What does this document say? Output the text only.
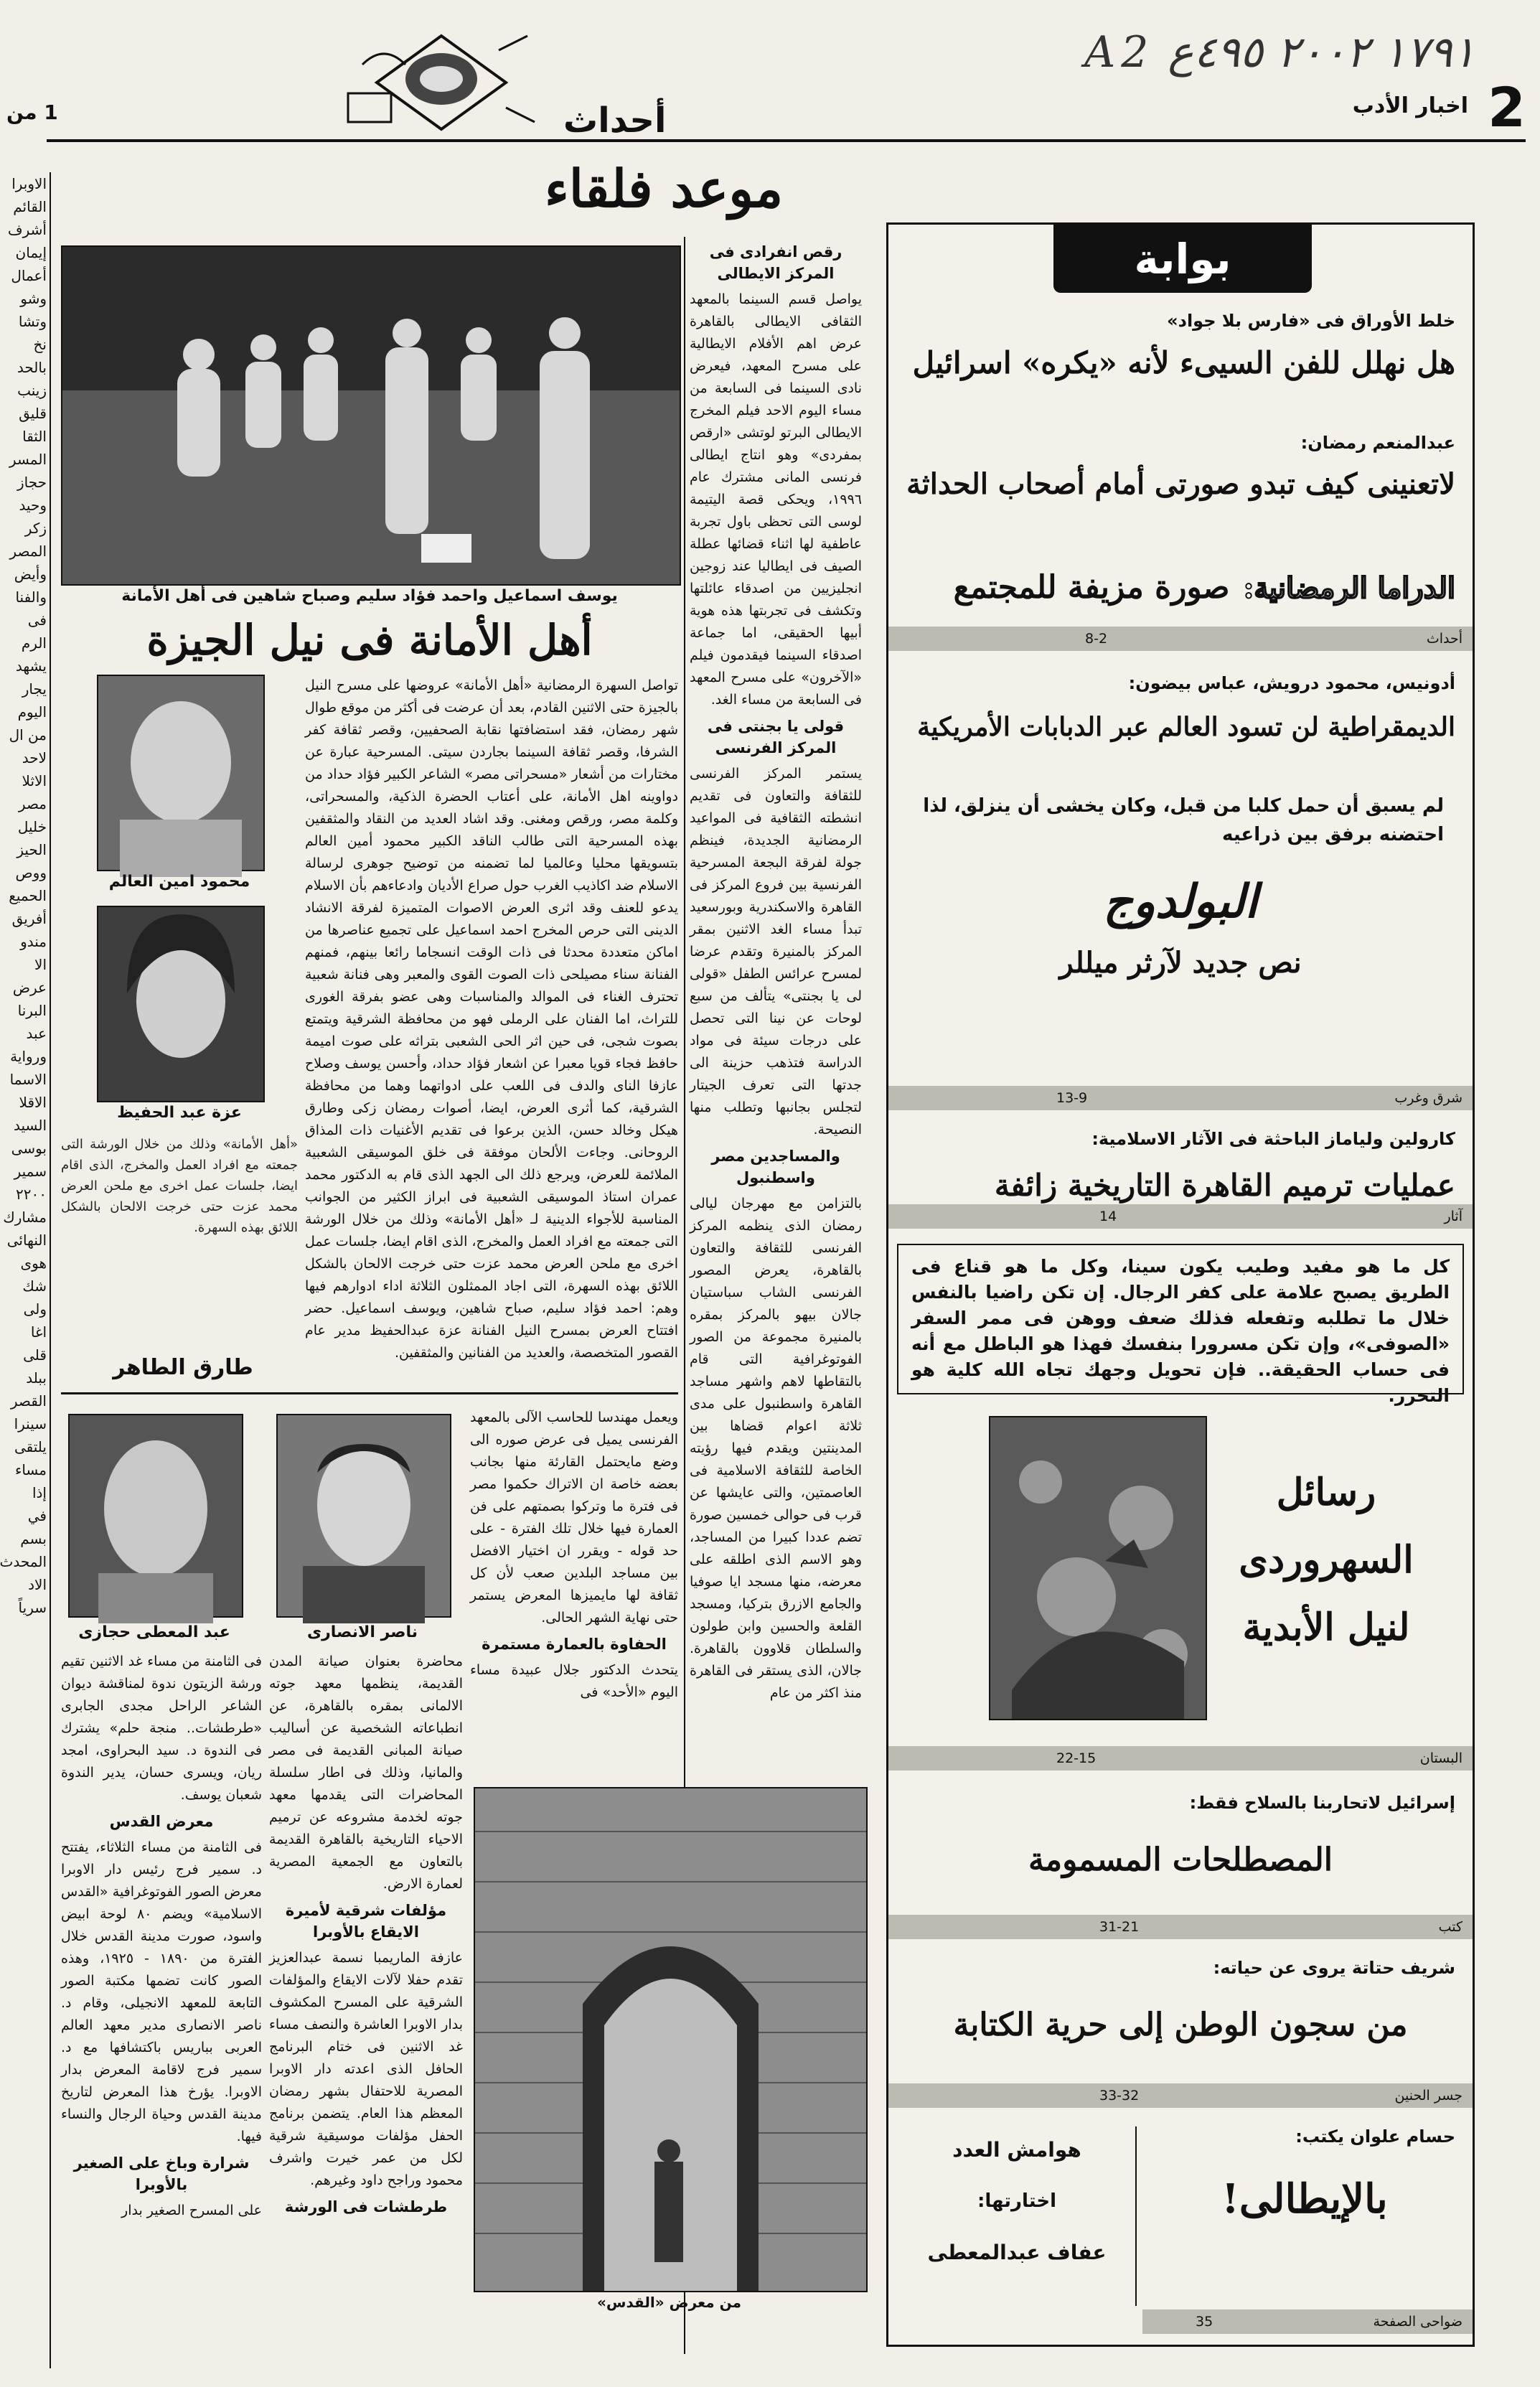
2
اخبار الأدب
١٧٩١ ٢٠٠٢ ٤٩٥ع A2
1 من	أحداث
الاوبرا
القائم
أشرف
إيمان
أعمال
وشو
وتشا
نخ
بالحد
زينب
قليق
الثقا
المسر
حجاز
وحيد
زكر
المصر
وأيض
والفنا
فى
الرم
يشهد
يجار
اليوم
من ال
لاحد
الاثلا
مصر
خليل
الحيز
ووص
الحميع
أفريق
مندو
الا
عرض
البرنا
عبد
ورواية
الاسما
الاقلا
السيد
بوسى
سمير
٢٢٠٠
مشارك
النهائى
هوى
شك
ولى
اغا
قلى
ببلد
القصر
سينرا
يلتقى
مساء
إذا
في
بسم
المحدث
الاد
سرياً
موعد فلقاء
يوسف اسماعيل واحمد فؤاد سليم وصباح شاهين فى أهل الأمانة
أهل الأمانة فى نيل الجيزة
محمود امين العالم
عزة عبد الحفيظ

تواصل السهرة الرمضانية «أهل الأمانة» عروضها على مسرح النيل بالجيزة حتى الاثنين القادم، بعد أن عرضت فى أكثر من موقع طوال شهر رمضان، فقد استضافتها نقابة الصحفيين، وقصر ثقافة كفر الشرفا، وقصر ثقافة السينما بجاردن سيتى. المسرحية عبارة عن مختارات من أشعار «مسحراتى مصر» الشاعر الكبير فؤاد حداد من دواوينه اهل الأمانة، على أعتاب الحضرة الذكية، والمسحراتى، وكلمة مصر، ورقص ومغنى. وقد اشاد العديد من النقاد والمثقفين بهذه المسرحية التى طالب الناقد الكبير محمود أمين العالم بتسويقها محليا وعالميا لما تضمنه من توضيح جوهرى لرسالة الاسلام ضد اكاذيب الغرب حول صراع الأديان وادعاءهم بأن الاسلام يدعو للعنف وقد اثرى العرض الاصوات المتميزة لفرقة الانشاد الدينى التى حرص المخرج احمد اسماعيل على تجميع عناصرها من اماكن متعددة محدثا فى ذات الوقت انسجاما رائعا بينهم، فمنهم الفنانة سناء مصيلحى ذات الصوت القوى والمعبر وهى فنانة شعبية تحترف الغناء فى الموالد والمناسبات وهى عضو بفرقة الغورى للتراث، اما الفنان على الرملى فهو من محافظة الشرقية ويتمتع بصوت شجى، فى حين اثر الحى الشعبى بتراثه على صوت اميمة حافظ فجاء قويا معبرا عن اشعار فؤاد حداد، وأحسن يوسف وصلاح عازفا الناى والدف فى اللعب على ادواتهما وهما من محافظة الشرقية، كما أثرى العرض، ايضا، أصوات رمضان زكى وطارق هيكل وخالد حسن، الذين برعوا فى تقديم الأغنيات ذات المذاق الروحانى. وجاءت الألحان موفقة فى خلق الموسيقى الشعبية الملائمة للعرض، ويرجع ذلك الى الجهد الذى قام به الدكتور محمد عمران استاذ الموسيقى الشعبية فى ابراز الكثير من الجوانب المناسبة للأجواء الدينية لـ «أهل الأمانة» وذلك من خلال الورشة التى جمعته مع افراد العمل والمخرج، الذى اقام ايضا، جلسات عمل اخرى مع ملحن العرض محمد عزت حتى خرجت الالحان بالشكل اللائق بهذه السهرة، التى اجاد الممثلون الثلاثة اداء ادوارهم فيها وهم: احمد فؤاد سليم، صباح شاهين، ويوسف اسماعيل. حضر افتتاح العرض بمسرح النيل الفنانة عزة عبدالحفيظ مدير عام القصور المتخصصة، والعديد من الفنانين والمثقفين.

«أهل الأمانة» وذلك من خلال الورشة التى جمعته مع افراد العمل والمخرج، الذى اقام ايضا، جلسات عمل اخرى مع ملحن العرض محمد عزت حتى خرجت الالحان بالشكل اللائق بهذه السهرة.

طارق الطاهر
رقص انفرادى فى المركز الايطالى

يواصل قسم السينما بالمعهد الثقافى الايطالى بالقاهرة عرض اهم الأفلام الايطالية على مسرح المعهد، فيعرض نادى السينما فى السابعة من مساء اليوم الاحد فيلم المخرج الايطالى البرتو لوتشى «ارقص بمفردى» وهو انتاج ايطالى فرنسى المانى مشترك عام ١٩٩٦، ويحكى قصة اليتيمة لوسى التى تحظى باول تجربة عاطفية لها اثناء قضائها عطلة الصيف فى ايطاليا عند زوجين انجليزيين من اصدقاء عائلتها وتكشف فى تجربتها هذه هوية أبيها الحقيقى، اما جماعة اصدقاء السينما فيقدمون فيلم «الآخرون» على مسرح المعهد فى السابعة من مساء الغد.

قولى يا بجنتى فى المركز الفرنسى

يستمر المركز الفرنسى للثقافة والتعاون فى تقديم انشطته الثقافية فى المواعيد الرمضانية الجديدة، فينظم جولة لفرقة البجعة المسرحية الفرنسية بين فروع المركز فى القاهرة والاسكندرية وبورسعيد تبدأ مساء الغد الاثنين بمقر المركز بالمنيرة وتقدم عرضا لمسرح عرائس الطفل «قولى لى يا بجنتى» يتألف من سبع لوحات عن نينا التى تحصل على درجات سيئة فى مواد الدراسة فتذهب حزينة الى جدتها التى تعرف الجيتار لتجلس بجانبها وتطلب منها النصيحة.

والمساجدين مصر واسطنبول

بالتزامن مع مهرجان ليالى رمضان الذى ينظمه المركز الفرنسى للثقافة والتعاون بالقاهرة، يعرض المصور الفرنسى الشاب سباستيان جالان بيهو بالمركز بمقره بالمنيرة مجموعة من الصور الفوتوغرافية التى قام بالتقاطها لاهم واشهر مساجد القاهرة واسطنبول على مدى ثلاثة اعوام قضاها بين المدينتين ويقدم فيها رؤيته الخاصة للثقافة الاسلامية فى العاصمتين، والتى عايشها عن قرب فى حوالى خمسين صورة تضم عددا كبيرا من المساجد، وهو الاسم الذى اطلقه على معرضه، منها مسجد ايا صوفيا والجامع الازرق بتركيا، ومسجد القلعة والحسين وابن طولون والسلطان قلاوون بالقاهرة. جالان، الذى يستقر فى القاهرة منذ اكثر من عام

عبد المعطى حجازى	ناصر الانصارى

ويعمل مهندسا للحاسب الآلى بالمعهد الفرنسى يميل فى عرض صوره الى وضع مايحتمل القارئة منها بجانب بعضه خاصة ان الاتراك حكموا مصر فى فترة ما وتركوا بصمتهم على فن العمارة فيها خلال تلك الفترة - على حد قوله - ويقرر ان اختيار الافضل بين مساجد البلدين صعب لأن كل ثقافة لها مايميزها المعرض يستمر حتى نهاية الشهر الحالى.

الحفاوة بالعمارة مستمرة

يتحدث الدكتور جلال عبيدة مساء اليوم «الأحد» فى

محاضرة بعنوان صيانة المدن القديمة، ينظمها معهد جوته الالمانى بمقره بالقاهرة، عن انطباعاته الشخصية عن أساليب صيانة المبانى القديمة فى مصر والمانيا، وذلك فى اطار سلسلة المحاضرات التى يقدمها معهد جوته لخدمة مشروعه عن ترميم الاحياء التاريخية بالقاهرة القديمة بالتعاون مع الجمعية المصرية لعمارة الارض.

مؤلفات شرقية لأميرة الايقاع بالأوبرا

عازفة الماريمبا نسمة عبدالعزيز تقدم حفلا لآلات الايقاع والمؤلفات الشرقية على المسرح المكشوف بدار الاوبرا العاشرة والنصف مساء غد الاثنين فى ختام البرنامج الحافل الذى اعدته دار الاوبرا المصرية للاحتفال بشهر رمضان المعظم هذا العام. يتضمن برنامج الحفل مؤلفات موسيقية شرقية لكل من عمر خيرت واشرف محمود وراجح داود وغيرهم.

طرطشات فى الورشة

فى الثامنة من مساء غد الاثنين تقيم ورشة الزيتون ندوة لمناقشة ديوان الشاعر الراحل مجدى الجابرى «طرطشات.. منجة حلم» يشترك فى الندوة د. سيد البحراوى، امجد ريان، ويسرى حسان، يدير الندوة شعبان يوسف.

معرض القدس

فى الثامنة من مساء الثلاثاء، يفتتح د. سمير فرج رئيس دار الاوبرا معرض الصور الفوتوغرافية «القدس الاسلامية» ويضم ٨٠ لوحة ابيض واسود، صورت مدينة القدس خلال الفترة من ١٨٩٠ - ١٩٢٥، وهذه الصور كانت تضمها مكتبة الصور التابعة للمعهد الانجيلى، وقام د. ناصر الانصارى مدير معهد العالم العربى بباريس باكتشافها مع د. سمير فرج لاقامة المعرض بدار الاوبرا. يؤرخ هذا المعرض لتاريخ مدينة القدس وحياة الرجال والنساء فيها.

شرارة وباخ على الصغير بالأوبرا

على المسرح الصغير بدار

من معرض «القدس»
بوابة
خلط الأوراق فى «فارس بلا جواد»
هل نهلل للفن السيىء لأنه «يكره» اسرائيل
عبدالمنعم رمضان:
لاتعنينى كيف تبدو صورتى أمام أصحاب الحداثة
الدراما الرمضانية: صورة مزيفة للمجتمع
أحداث
8-2
أدونيس، محمود درويش، عباس بيضون:
الديمقراطية لن تسود العالم عبر الدبابات الأمريكية
لم يسبق أن حمل كلبا من قبل، وكان يخشى أن ينزلق، لذا احتضنه برفق بين ذراعيه
البولدوج
نص جديد لآرثر ميللر
شرق وغرب
13-9
كارولين ولياماز الباحثة فى الآثار الاسلامية:
عمليات ترميم القاهرة التاريخية زائفة
آثار
14
كل ما هو مفيد وطيب يكون سينا، وكل ما هو قناع فى الطريق يصبح علامة على كفر الرجال. إن تكن راضيا بالنفس خلال ما تطلبه وتفعله فذلك ضعف ووهن فى ممر السفر «الصوفى»، وإن تكن مسرورا بنفسك فهذا هو الباطل مع أنه فى حساب الحقيقة.. فإن تحويل وجهك تجاه الله كلية هو التحرر.
رسائل السهروردى لنيل الأبدية
البستان
22-15
إسرائيل لاتحاربنا بالسلاح فقط:
المصطلحات المسمومة
كتب
31-21
شريف حتاتة يروى عن حياته:
من سجون الوطن إلى حرية الكتابة
جسر الحنين
33-32
حسام علوان يكتب:
بالإيطالى!
هوامش العدد
اختارتها:
عفاف عبدالمعطى
ضواحى الصفحة
35
